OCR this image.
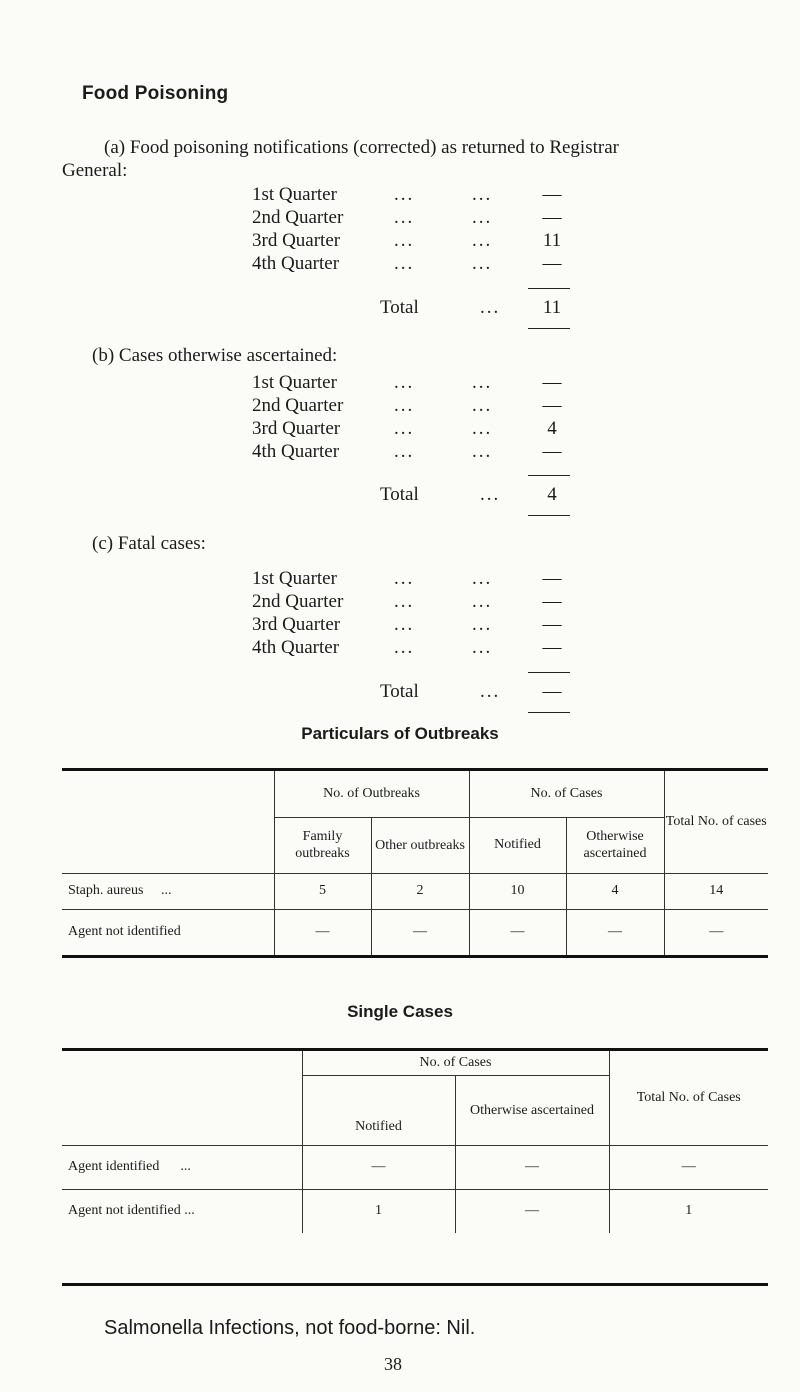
Food Poisoning
(a) Food poisoning notifications (corrected) as returned to Registrar
General:
1st Quarter	...	...	—
2nd Quarter	...	...	—
3rd Quarter	...	...	11
4th Quarter	...	...	—
Total	...	11
(b) Cases otherwise ascertained:
1st Quarter	...	...	—
2nd Quarter	...	...	—
3rd Quarter	...	...	4
4th Quarter	...	...	—
Total	...	4
(c) Fatal cases:
1st Quarter	...	...	—
2nd Quarter	...	...	—
3rd Quarter	...	...	—
4th Quarter	...	...	—
Total	...	—
Particulars of Outbreaks
	No. of Outbreaks		No. of Cases		Total No. of cases
	Family outbreaks	Other outbreaks	Notified	Otherwise ascertained	
Staph. aureus ...	5	2	10	4	14
Agent not identified	—	—	—	—	—
Single Cases
	No. of Cases		Total No. of Cases
	Notified	Otherwise ascertained	
Agent identified ...	—	—	—
Agent not identified ...	1	—	1
Salmonella Infections, not food-borne: Nil.
38
